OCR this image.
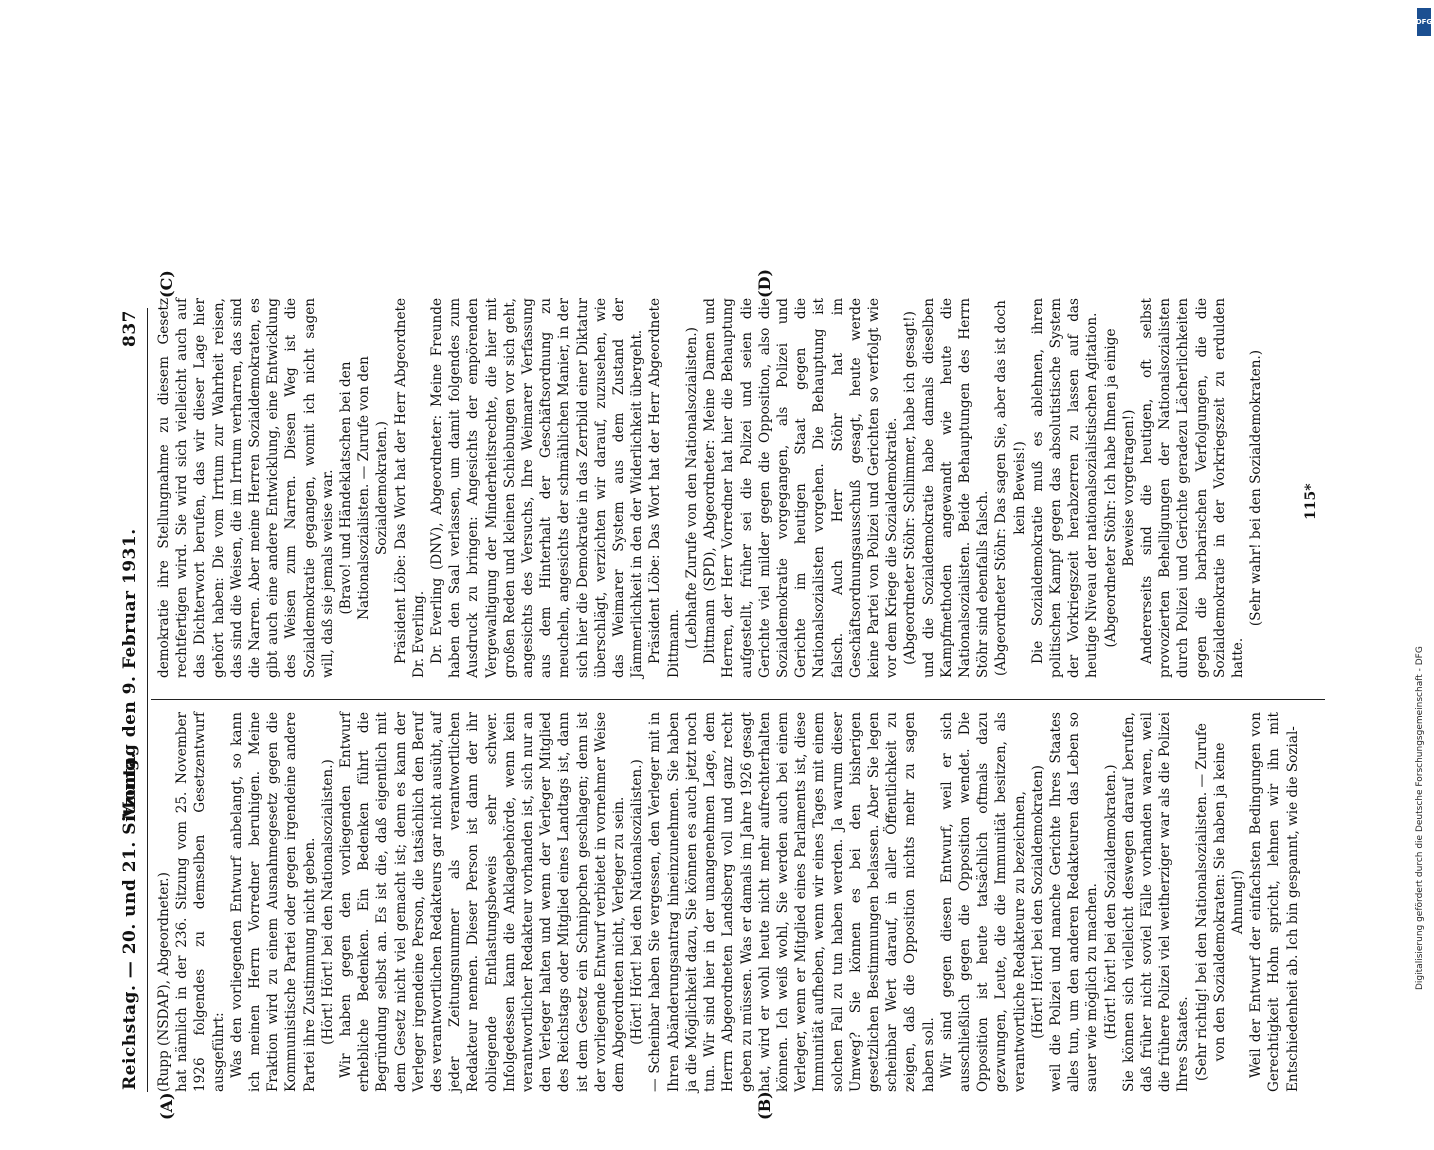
Reichstag. — 20. und 21. Sitzung.
Montag den 9. Februar 1931.
837
(A)	(B)
(C)	(D)

(Rupp (NSDAP), Abgeordneter.) hat nämlich in der 236. Sitzung vom 25. November 1926 folgendes zu demselben Gesetzentwurf ausgeführt: Was den vorliegenden Entwurf anbelangt, so kann ich meinen Herrn Vorredner beruhigen. Meine Fraktion wird zu einem Ausnahmegesetz gegen die Kommunistische Partei oder gegen irgendeine andere Partei ihre Zustimmung nicht geben. (Hört! Hört! bei den Nationalsozialisten.) Wir haben gegen den vorliegenden Entwurf erhebliche Bedenken. Ein Bedenken führt die Begründung selbst an. Es ist die, daß eigentlich mit dem Gesetz nicht viel gemacht ist; denn es kann der Verleger irgendeine Person, die tatsächlich den Beruf des verantwortlichen Redakteurs gar nicht ausübt, auf jeder Zeitungsnummer als verantwortlichen Redakteur nennen. Dieser Person ist dann der ihr obliegende Entlastungsbeweis sehr schwer. Infolgedessen kann die Anklagebehörde, wenn kein verantwortlicher Redakteur vorhanden ist, sich nur an den Verleger halten und wenn der Verleger Mitglied des Reichstags oder Mitglied eines Landtags ist, dann ist dem Gesetz ein Schnippchen geschlagen; denn ist der vorliegende Entwurf verbietet in vornehmer Weise dem Abgeordneten nicht, Verleger zu sein. (Hört! Hört! bei den Nationalsozialisten.) — Scheinbar haben Sie vergessen, den Verleger mit in Ihren Abänderungsantrag hineinzunehmen. Sie haben ja die Möglichkeit dazu, Sie können es auch jetzt noch tun. Wir sind hier in der unangenehmen Lage, dem Herrn Abgeordneten Landsberg voll und ganz recht geben zu müssen. Was er damals im Jahre 1926 gesagt hat, wird er wohl heute nicht mehr aufrechterhalten können. Ich weiß wohl, Sie werden auch bei einem Verleger, wenn er Mitglied eines Parlaments ist, diese Immunität aufheben, wenn wir eines Tages mit einem solchen Fall zu tun haben werden. Ja warum dieser Umweg? Sie können es bei den bisherigen gesetzlichen Bestimmungen belassen. Aber Sie legen scheinbar Wert darauf, in aller Öffentlichkeit zu zeigen, daß die Opposition nichts mehr zu sagen haben soll. Wir sind gegen diesen Entwurf, weil er sich ausschließlich gegen die Opposition wendet. Die Opposition ist heute tatsächlich oftmals dazu gezwungen, Leute, die die Immunität besitzen, als verantwortliche Redakteure zu bezeichnen, (Hört! Hört! bei den Sozialdemokraten) weil die Polizei und manche Gerichte Ihres Staates alles tun, um den anderen Redakteuren das Leben so sauer wie möglich zu machen. (Hört! hört! bei den Sozialdemokraten.) Sie können sich vielleicht deswegen darauf berufen, daß früher nicht soviel Fälle vorhanden waren, weil die frühere Polizei viel weitherziger war als die Polizei Ihres Staates. (Sehr richtig! bei den Nationalsozialisten. — Zurufe von den Sozialdemokraten: Sie haben ja keine Ahnung!) Weil der Entwurf der einfachsten Bedingungen von Gerechtigkeit Hohn spricht, lehnen wir ihn mit Entschiedenheit ab. Ich bin gespannt, wie die Sozial-

demokratie ihre Stellungnahme zu diesem Gesetz rechtfertigen wird. Sie wird sich vielleicht auch auf das Dichterwort berufen, das wir dieser Lage hier gehört haben: Die vom Irrtum zur Wahrheit reisen, das sind die Weisen, die im Irrtum verharren, das sind die Narren. Aber meine Herren Sozialdemokraten, es gibt auch eine andere Entwicklung, eine Entwicklung des Weisen zum Narren. Diesen Weg ist die Sozialdemokratie gegangen, womit ich nicht sagen will, daß sie jemals weise war. (Bravo! und Händeklatschen bei den Nationalsozialisten. — Zurufe von den Sozialdemokraten.) Präsident Löbe: Das Wort hat der Herr Abgeordnete Dr. Everling. Dr. Everling (DNV), Abgeordneter: Meine Freunde haben den Saal verlassen, um damit folgendes zum Ausdruck zu bringen: Angesichts der empörenden Vergewaltigung der Minderheitsrechte, die hier mit großen Reden und kleinen Schiebungen vor sich geht, angesichts des Versuchs, Ihre Weimarer Verfassung aus dem Hinterhalt der Geschäftsordnung zu meucheln, angesichts der schmählichen Manier, in der sich hier die Demokratie in das Zerrbild einer Diktatur überschlägt, verzichten wir darauf, zuzusehen, wie das Weimarer System aus dem Zustand der Jämmerlichkeit in den der Widerlichkeit übergeht. Präsident Löbe: Das Wort hat der Herr Abgeordnete Dittmann. (Lebhafte Zurufe von den Nationalsozialisten.) Dittmann (SPD), Abgeordneter: Meine Damen und Herren, der Herr Vorredner hat hier die Behauptung aufgestellt, früher sei die Polizei und seien die Gerichte viel milder gegen die Opposition, also die Sozialdemokratie vorgegangen, als Polizei und Gerichte im heutigen Staat gegen die Nationalsozialisten vorgehen. Die Behauptung ist falsch. Auch Herr Stöhr hat im Geschäftsordnungsausschuß gesagt, heute werde keine Partei von Polizei und Gerichten so verfolgt wie vor dem Kriege die Sozialdemokratie. (Abgeordneter Stöhr: Schlimmer, habe ich gesagt!) und die Sozialdemokratie habe damals dieselben Kampfmethoden angewandt wie heute die Nationalsozialisten. Beide Behauptungen des Herrn Stöhr sind ebenfalls falsch. (Abgeordneter Stöhr: Das sagen Sie, aber das ist doch kein Beweis!) Die Sozialdemokratie muß es ablehnen, ihren politischen Kampf gegen das absolutistische System der Vorkriegszeit herabzerren zu lassen auf das heutige Niveau der nationalsozialistischen Agitation. (Abgeordneter Stöhr: Ich habe Ihnen ja einige Beweise vorgetragen!) Andererseits sind die heutigen, oft selbst provozierten Behelligungen der Nationalsozialisten durch Polizei und Gerichte geradezu Lächerlichkeiten gegen die barbarischen Verfolgungen, die die Sozialdemokratie in der Vorkriegszeit zu erdulden hatte.

(Sehr wahr! bei den Sozialdemokraten.)	115*
Digitalisierung gefördert durch die Deutsche Forschungsgemeinschaft - DFG
DFG
